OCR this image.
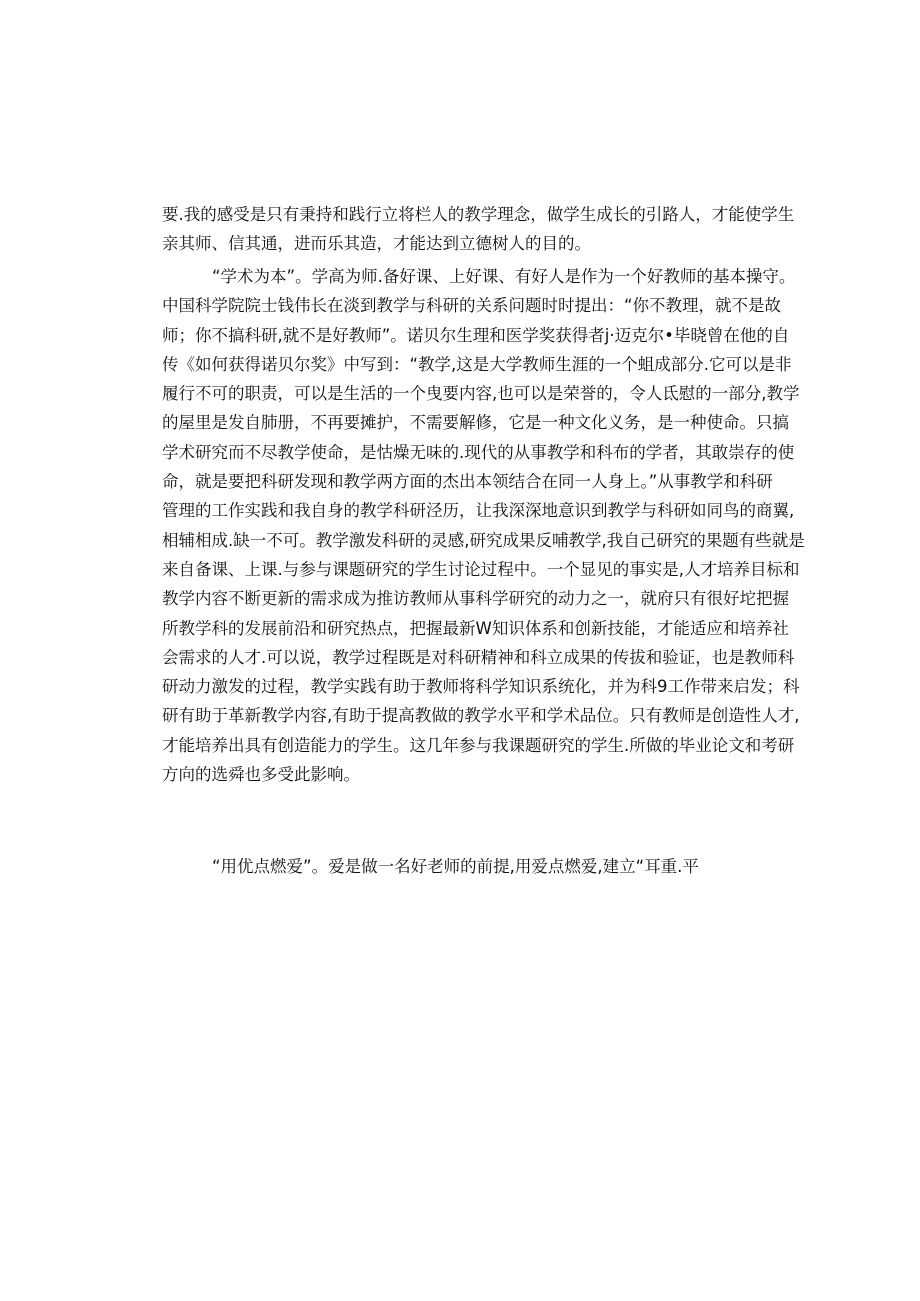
要.我的感受是只有秉持和践行立将栏人的教学理念，做学生成长的引路人，才能使学生
亲其师、信其通，进而乐其造，才能达到立德树人的目的。
“学术为本”。学高为师.备好课、上好课、有好人是作为一个好教师的基本操守。
中国科学院院士钱伟长在淡到教学与科研的关系问题时时提出：“你不教理，就不是故
师；你不搞科研,就不是好教师”。诺贝尔生理和医学奖获得者j·迈克尔•毕晓曾在他的自
传《如何获得诺贝尔奖》中写到：“教学,这是大学教师生涯的一个蛆成部分.它可以是非
履行不可的职责，可以是生活的一个曳要内容,也可以是荣誉的，令人氐慰的一部分,教学
的屋里是发自肺册，不再要摊护，不需要解修，它是一种文化义务，是一种使命。只搞
学术研究而不尽教学使命，是怙燥无味的.现代的从事教学和科布的学者，其敢崇存的使
命，就是要把科研发现和教学两方面的杰出本领结合在同一人身上。”从事教学和科研
管理的工作实践和我自身的教学科研泾历，让我深深地意识到教学与科研如同鸟的商翼,
相辅相成.缺一不可。教学激发科研的灵感,研究成果反哺教学,我自己研究的果题有些就是
来自备课、上课.与参与课题研究的学生讨论过程中。一个显见的事实是,人才培养目标和
教学内容不断更新的需求成为推访教师从事科学研究的动力之一，就府只有很好坨把握
所教学科的发展前沿和研究热点，把握最新W知识体系和创新技能，才能适应和培养社
会需求的人才.可以说，教学过程既是对科研精神和科立成果的传拔和验证，也是教师科
研动力激发的过程，教学实践有助于教师将科学知识系统化，并为科9工作带来启发；科
研有助于革新教学内容,有助于提高教做的教学水平和学术品位。只有教师是创造性人才,
才能培养出具有创造能力的学生。这几年参与我课题研究的学生.所做的毕业论文和考研
方向的选舜也多受此影响。
“用优点燃爱”。爱是做一名好老师的前提,用爱点燃爱,建立“耳重.平
